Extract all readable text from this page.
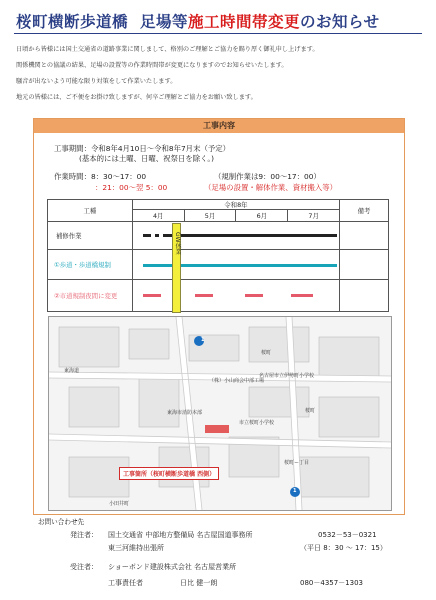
桜町横断歩道橋 足場等施工時間帯変更のお知らせ
日頃から皆様には国土交通省の道路事業に関しまして、格別のご理解とご協力を賜り厚く御礼申し上げます。
関係機関との協議の結果、足場の設置等の作業時間帯が変更になりますのでお知らせいたします。
騒音が出ないよう可能な限り対策をして作業いたします。
地元の皆様には、ご不便をお掛け致しますが、何卒ご理解とご協力をお願い致します。
工事内容
工事期間：令和8年4月10日～令和8年7月末（予定）
(基本的には土曜、日曜、祝祭日を除く。)
作業時間：8：30～17：00	（規制作業は9：00～17：00）
：21：00～翌 5：00	（足場の設置・解体作業、資材搬入等）
工種	令和8年				備考
	4月	5月	6月	7月	
補修作業				

①歩道・歩道橋規制				

②市道規制夜間に変更				

GW休業
1
1
桜町
桜町
東海道
名古屋市立伊勢町小学校
市立桜町小学校
桜町ー丁目
小田井町
（株）小山商会中部工場
東海市消防本部
工事箇所（桜町横断歩道橋 西側）
お問い合わせ先
発注者： 国土交通省 中部地方整備局 名古屋国道事務所	0532－53－0321
東三河維持出張所	（平日 8：30 ～ 17：15）
受注者： ショーボンド建設株式会社 名古屋営業所
工事責任者	日比 健一朗	080－4357－1303
